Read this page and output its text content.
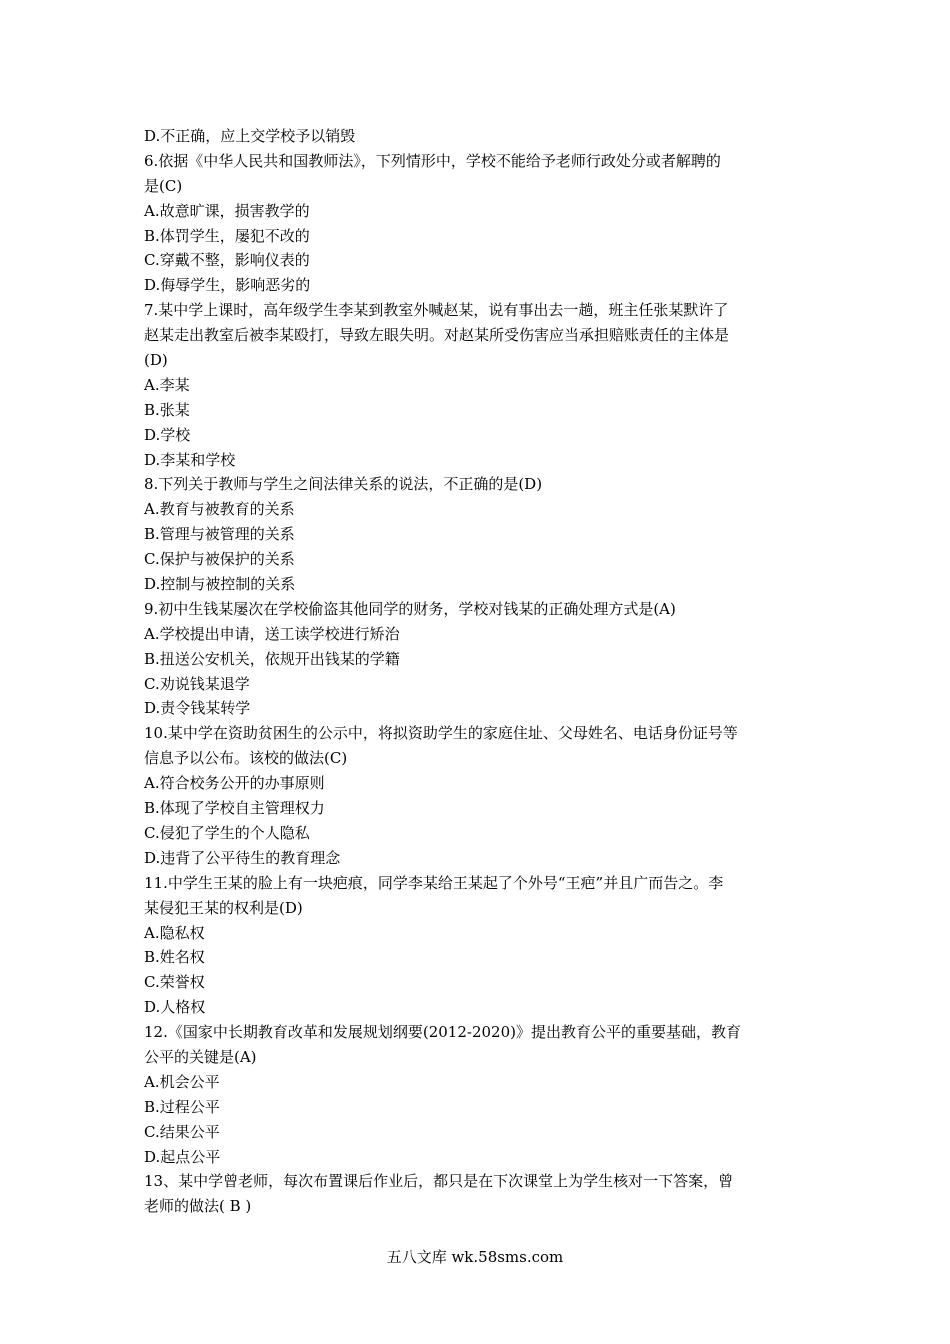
D.不正确，应上交学校予以销毁
6.依据《中华人民共和国教师法》，下列情形中，学校不能给予老师行政处分或者解聘的
是(C)
A.故意旷课，损害教学的
B.体罚学生，屡犯不改的
C.穿戴不整，影响仪表的
D.侮辱学生，影响恶劣的
7.某中学上课时，高年级学生李某到教室外喊赵某，说有事出去一趟，班主任张某默许了
赵某走出教室后被李某殴打，导致左眼失明。对赵某所受伤害应当承担赔账责任的主体是
(D)
A.李某
B.张某
D.学校
D.李某和学校
8.下列关于教师与学生之间法律关系的说法，不正确的是(D)
A.教育与被教育的关系
B.管理与被管理的关系
C.保护与被保护的关系
D.控制与被控制的关系
9.初中生钱某屡次在学校偷盗其他同学的财务，学校对钱某的正确处理方式是(A)
A.学校提出申请，送工读学校进行矫治
B.扭送公安机关，依规开出钱某的学籍
C.劝说钱某退学
D.责令钱某转学
10.某中学在资助贫困生的公示中，将拟资助学生的家庭住址、父母姓名、电话身份证号等
信息予以公布。该校的做法(C)
A.符合校务公开的办事原则
B.体现了学校自主管理权力
C.侵犯了学生的个人隐私
D.违背了公平待生的教育理念
11.中学生王某的脸上有一块疤痕，同学李某给王某起了个外号“王疤”并且广而告之。李
某侵犯王某的权利是(D)
A.隐私权
B.姓名权
C.荣誉权
D.人格权
12.《国家中长期教育改革和发展规划纲要(2012-2020)》提出教育公平的重要基础，教育
公平的关键是(A)
A.机会公平
B.过程公平
C.结果公平
D.起点公平
13、某中学曾老师，每次布置课后作业后，都只是在下次课堂上为学生核对一下答案，曾
老师的做法( B )
五八文库 wk.58sms.com
